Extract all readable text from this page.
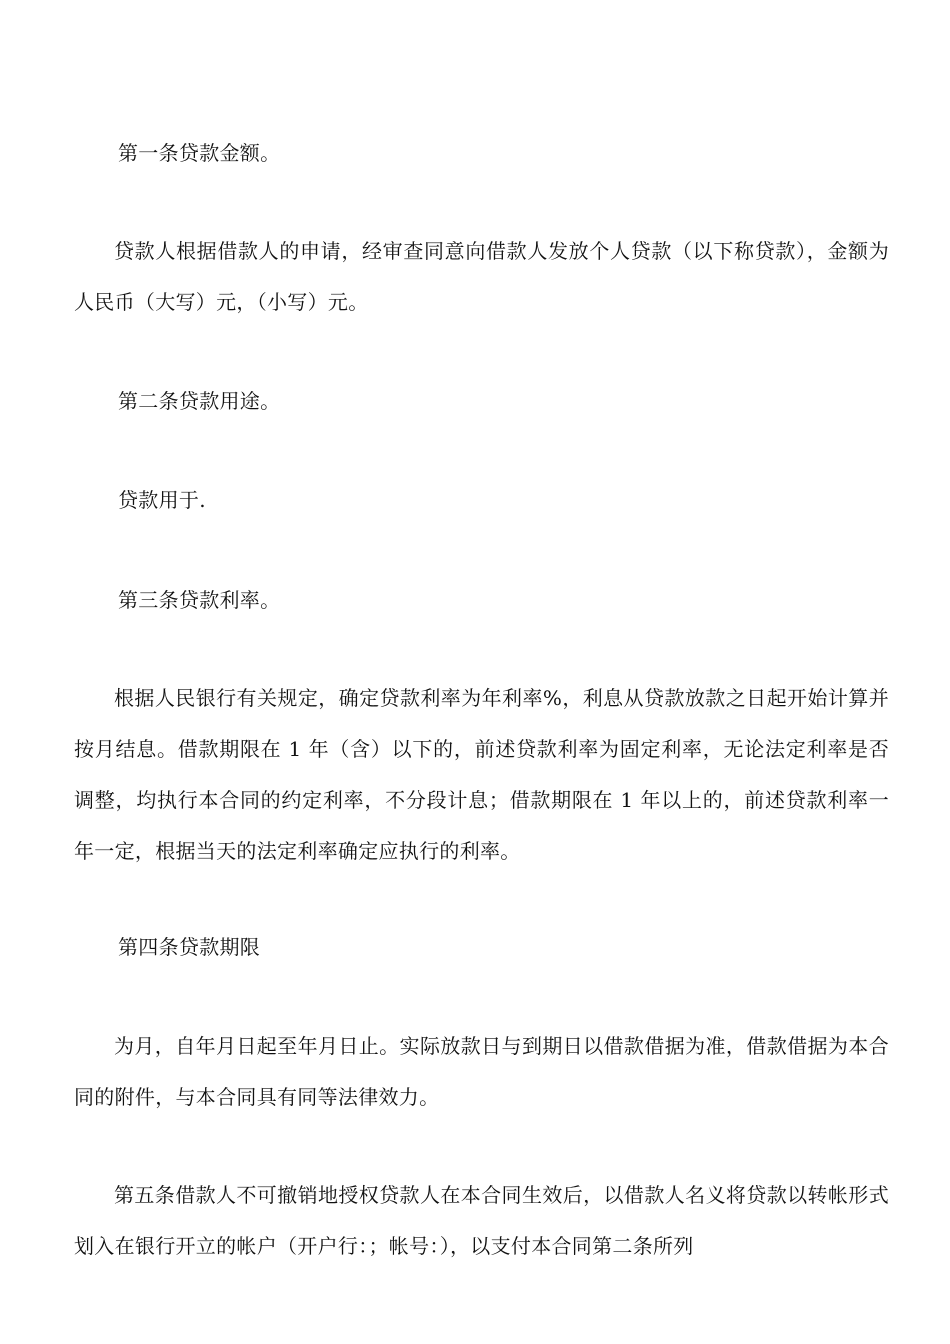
第一条贷款金额。

贷款人根据借款人的申请，经审查同意向借款人发放个人贷款（以下称贷款），金额为人民币（大写）元，（小写）元。

第二条贷款用途。

贷款用于.

第三条贷款利率。

根据人民银行有关规定，确定贷款利率为年利率%，利息从贷款放款之日起开始计算并按月结息。借款期限在 1 年（含）以下的，前述贷款利率为固定利率，无论法定利率是否调整，均执行本合同的约定利率，不分段计息；借款期限在 1 年以上的，前述贷款利率一年一定，根据当天的法定利率确定应执行的利率。

第四条贷款期限

为月，自年月日起至年月日止。实际放款日与到期日以借款借据为准，借款借据为本合同的附件，与本合同具有同等法律效力。

第五条借款人不可撤销地授权贷款人在本合同生效后，以借款人名义将贷款以转帐形式划入在银行开立的帐户（开户行：；帐号：），以支付本合同第二条所列
